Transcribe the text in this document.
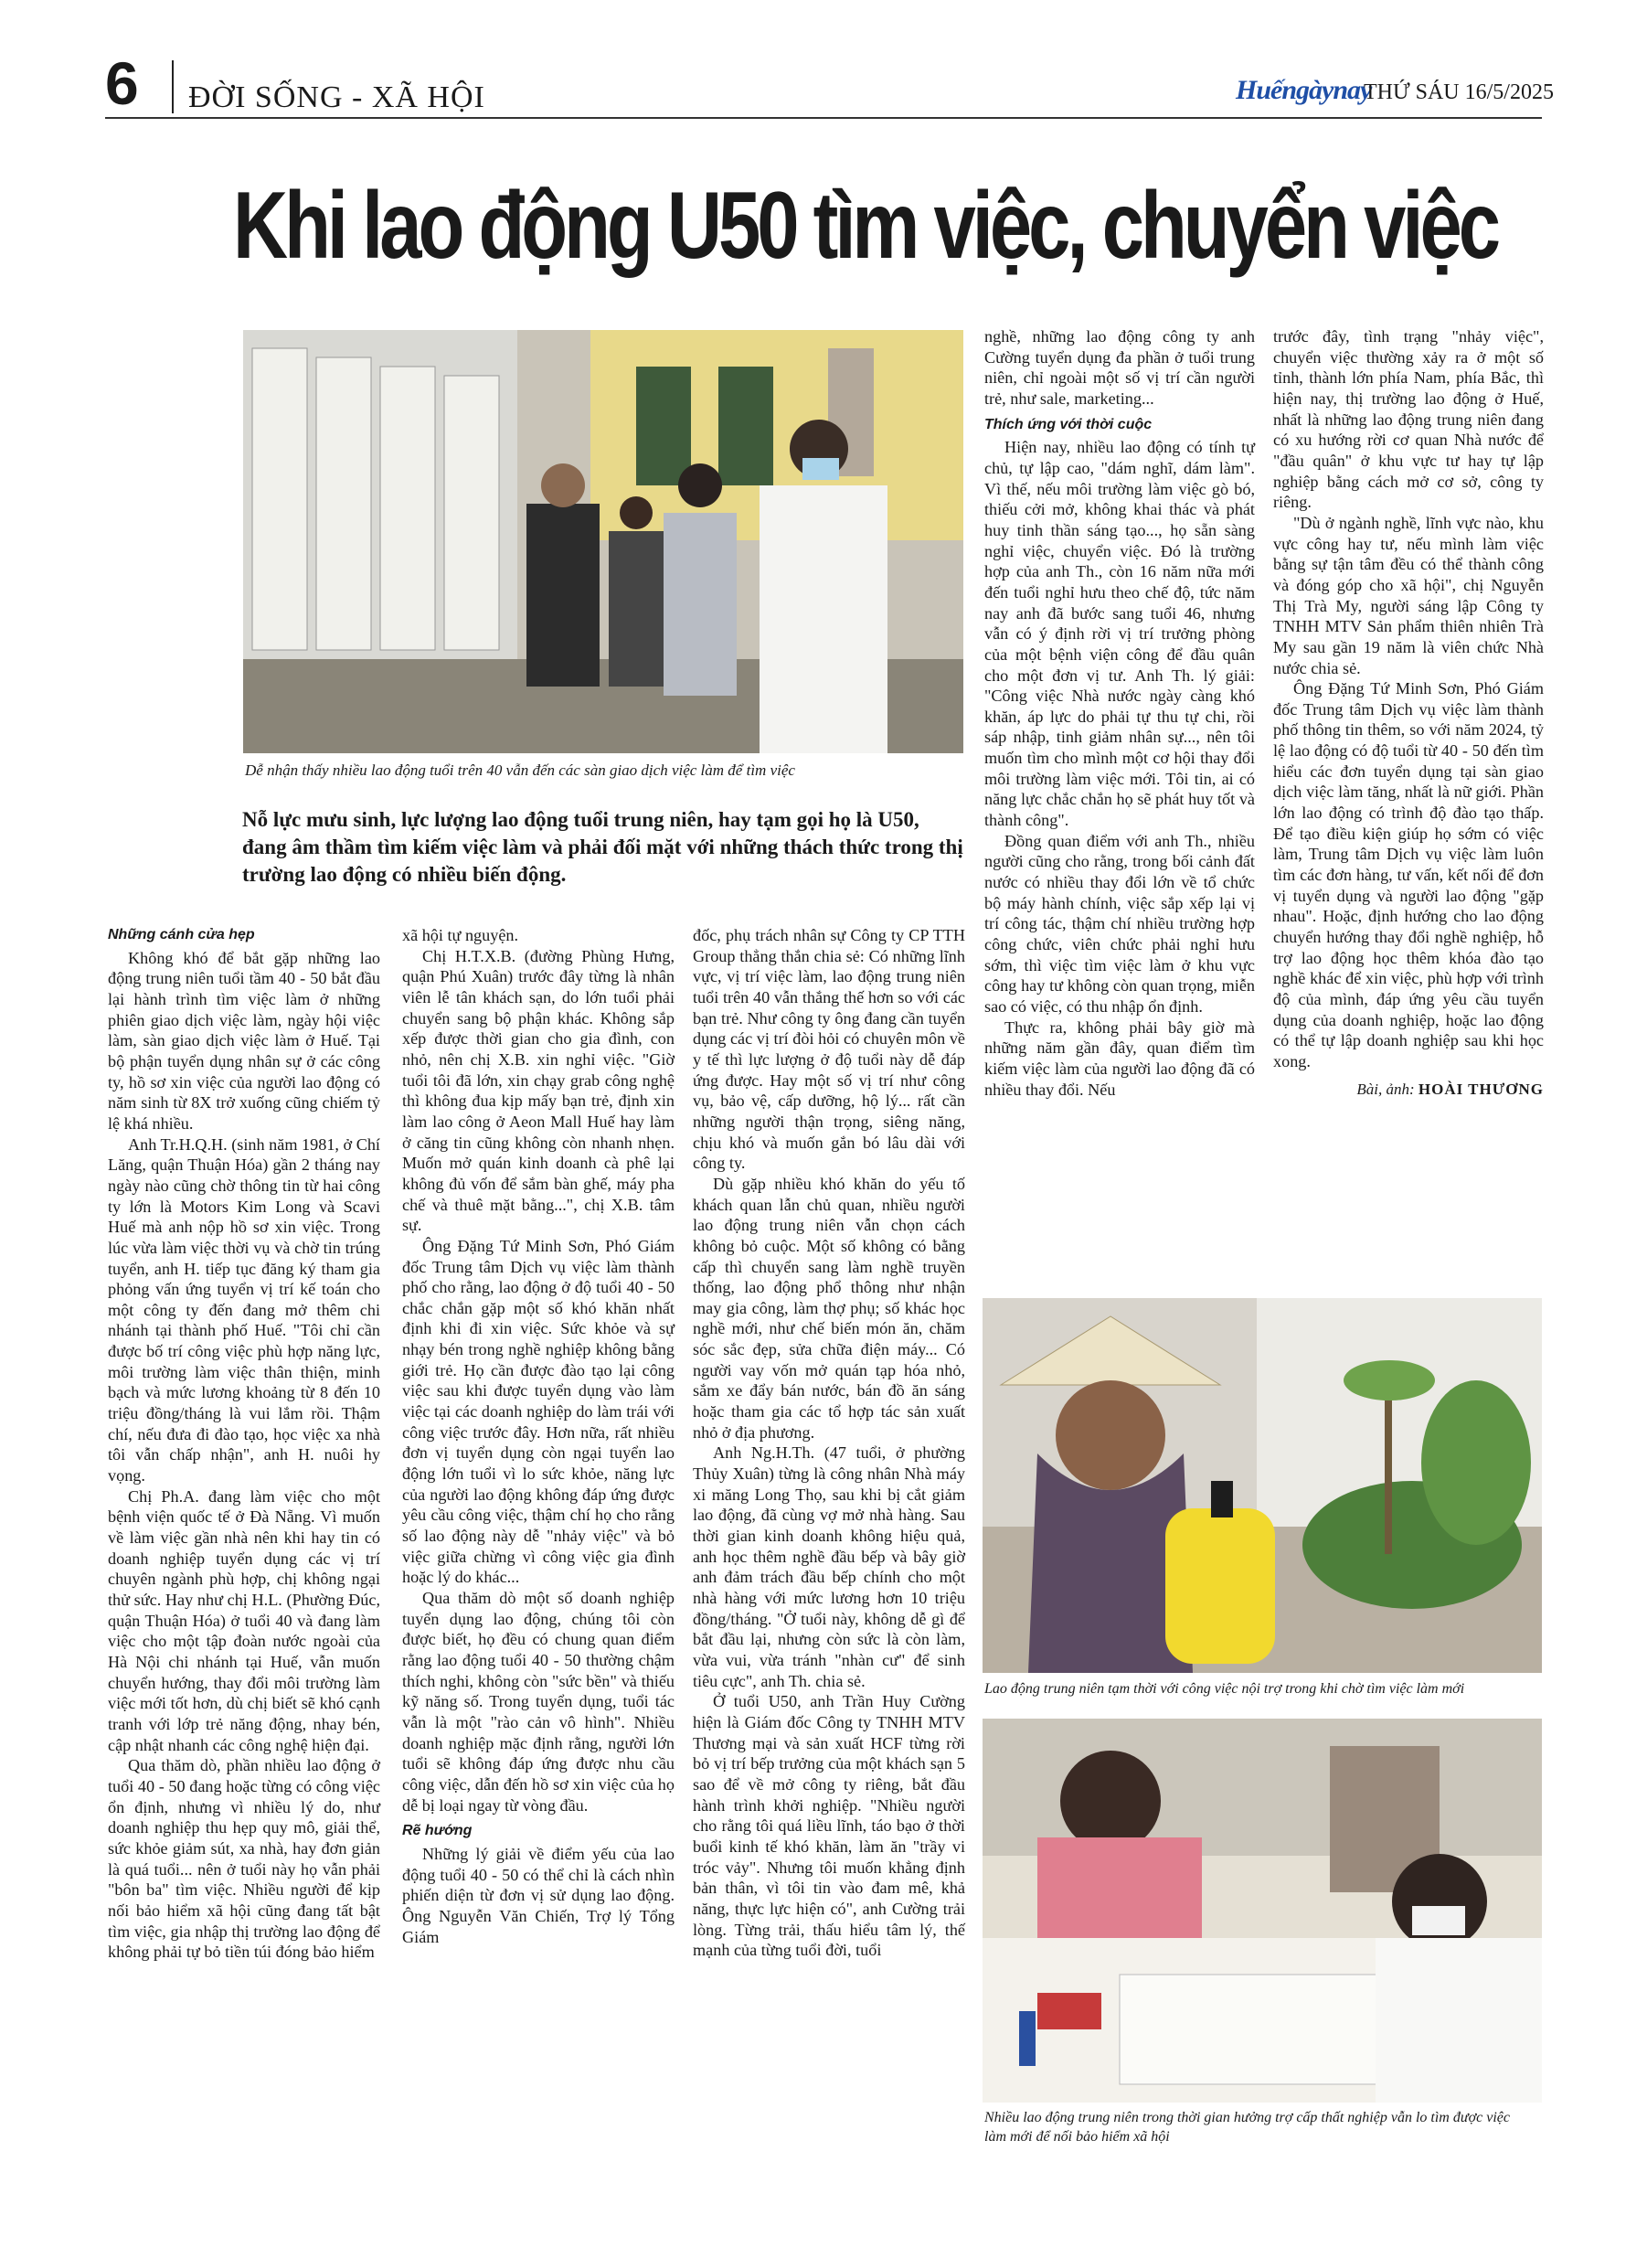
6 ĐỜI SỐNG - XÃ HỘI	Huếngàynay
THỨ SÁU 16/5/2025
Khi lao động U50 tìm việc, chuyển việc
Dễ nhận thấy nhiều lao động tuổi trên 40 vẫn đến các sàn giao dịch việc làm để tìm việc
Nỗ lực mưu sinh, lực lượng lao động tuổi trung niên, hay tạm gọi họ là U50, đang âm thầm tìm kiếm việc làm và phải đối mặt với những thách thức trong thị trường lao động có nhiều biến động.
Những cánh cửa hẹp

Không khó để bắt gặp những lao động trung niên tuổi tầm 40 - 50 bắt đầu lại hành trình tìm việc làm ở những phiên giao dịch việc làm, ngày hội việc làm, sàn giao dịch việc làm ở Huế. Tại bộ phận tuyển dụng nhân sự ở các công ty, hồ sơ xin việc của người lao động có năm sinh từ 8X trở xuống cũng chiếm tỷ lệ khá nhiều.

Anh Tr.H.Q.H. (sinh năm 1981, ở Chí Lăng, quận Thuận Hóa) gần 2 tháng nay ngày nào cũng chờ thông tin từ hai công ty lớn là Motors Kim Long và Scavi Huế mà anh nộp hồ sơ xin việc. Trong lúc vừa làm việc thời vụ và chờ tin trúng tuyển, anh H. tiếp tục đăng ký tham gia phỏng vấn ứng tuyển vị trí kế toán cho một công ty đến đang mở thêm chi nhánh tại thành phố Huế. "Tôi chỉ cần được bố trí công việc phù hợp năng lực, môi trường làm việc thân thiện, minh bạch và mức lương khoảng từ 8 đến 10 triệu đồng/tháng là vui lắm rồi. Thậm chí, nếu đưa đi đào tạo, học việc xa nhà tôi vẫn chấp nhận", anh H. nuôi hy vọng.

Chị Ph.A. đang làm việc cho một bệnh viện quốc tế ở Đà Nẵng. Vì muốn về làm việc gần nhà nên khi hay tin có doanh nghiệp tuyển dụng các vị trí chuyên ngành phù hợp, chị không ngại thử sức. Hay như chị H.L. (Phường Đúc, quận Thuận Hóa) ở tuổi 40 và đang làm việc cho một tập đoàn nước ngoài của Hà Nội chi nhánh tại Huế, vẫn muốn chuyển hướng, thay đổi môi trường làm việc mới tốt hơn, dù chị biết sẽ khó cạnh tranh với lớp trẻ năng động, nhay bén, cập nhật nhanh các công nghệ hiện đại.

Qua thăm dò, phần nhiều lao động ở tuổi 40 - 50 đang hoặc từng có công việc ổn định, nhưng vì nhiều lý do, như doanh nghiệp thu hẹp quy mô, giải thể, sức khỏe giảm sút, xa nhà, hay đơn giản là quá tuổi... nên ở tuổi này họ vẫn phải "bôn ba" tìm việc. Nhiều người để kịp nối bảo hiểm xã hội cũng đang tất bật tìm việc, gia nhập thị trường lao động để không phải tự bỏ tiền túi đóng bảo hiểm

xã hội tự nguyện.

Chị H.T.X.B. (đường Phùng Hưng, quận Phú Xuân) trước đây từng là nhân viên lễ tân khách sạn, do lớn tuổi phải chuyển sang bộ phận khác. Không sắp xếp được thời gian cho gia đình, con nhỏ, nên chị X.B. xin nghỉ việc. "Giờ tuổi tôi đã lớn, xin chạy grab công nghệ thì không đua kịp mấy bạn trẻ, định xin làm lao công ở Aeon Mall Huế hay làm ở căng tin cũng không còn nhanh nhẹn. Muốn mở quán kinh doanh cà phê lại không đủ vốn để sắm bàn ghế, máy pha chế và thuê mặt bằng...", chị X.B. tâm sự.

Ông Đặng Tứ Minh Sơn, Phó Giám đốc Trung tâm Dịch vụ việc làm thành phố cho rằng, lao động ở độ tuổi 40 - 50 chắc chắn gặp một số khó khăn nhất định khi đi xin việc. Sức khỏe và sự nhạy bén trong nghề nghiệp không bằng giới trẻ. Họ cần được đào tạo lại công việc sau khi được tuyển dụng vào làm việc tại các doanh nghiệp do làm trái với công việc trước đây. Hơn nữa, rất nhiều đơn vị tuyển dụng còn ngại tuyển lao động lớn tuổi vì lo sức khỏe, năng lực của người lao động không đáp ứng được yêu cầu công việc, thậm chí họ cho rằng số lao động này dễ "nhảy việc" và bỏ việc giữa chừng vì công việc gia đình hoặc lý do khác...

Qua thăm dò một số doanh nghiệp tuyển dụng lao động, chúng tôi còn được biết, họ đều có chung quan điểm rằng lao động tuổi 40 - 50 thường chậm thích nghi, không còn "sức bền" và thiếu kỹ năng số. Trong tuyển dụng, tuổi tác vẫn là một "rào cản vô hình". Nhiều doanh nghiệp mặc định rằng, người lớn tuổi sẽ không đáp ứng được nhu cầu công việc, dẫn đến hồ sơ xin việc của họ dễ bị loại ngay từ vòng đầu.

Rẽ hướng

Những lý giải về điểm yếu của lao động tuổi 40 - 50 có thể chỉ là cách nhìn phiến diện từ đơn vị sử dụng lao động. Ông Nguyễn Văn Chiến, Trợ lý Tổng Giám

đốc, phụ trách nhân sự Công ty CP TTH Group thẳng thắn chia sẻ: Có những lĩnh vực, vị trí việc làm, lao động trung niên tuổi trên 40 vẫn thắng thế hơn so với các bạn trẻ. Như công ty ông đang cần tuyển dụng các vị trí đòi hỏi có chuyên môn về y tế thì lực lượng ở độ tuổi này dễ đáp ứng được. Hay một số vị trí như công vụ, bảo vệ, cấp dưỡng, hộ lý... rất cần những người thận trọng, siêng năng, chịu khó và muốn gắn bó lâu dài với công ty.

Dù gặp nhiều khó khăn do yếu tố khách quan lẫn chủ quan, nhiều người lao động trung niên vẫn chọn cách không bỏ cuộc. Một số không có bằng cấp thì chuyển sang làm nghề truyền thống, lao động phổ thông như nhận may gia công, làm thợ phụ; số khác học nghề mới, như chế biến món ăn, chăm sóc sắc đẹp, sửa chữa điện máy... Có người vay vốn mở quán tạp hóa nhỏ, sắm xe đẩy bán nước, bán đồ ăn sáng hoặc tham gia các tổ hợp tác sản xuất nhỏ ở địa phương.

Anh Ng.H.Th. (47 tuổi, ở phường Thủy Xuân) từng là công nhân Nhà máy xi măng Long Thọ, sau khi bị cắt giảm lao động, đã cùng vợ mở nhà hàng. Sau thời gian kinh doanh không hiệu quả, anh học thêm nghề đầu bếp và bây giờ anh đảm trách đầu bếp chính cho một nhà hàng với mức lương hơn 10 triệu đồng/tháng. "Ở tuổi này, không dễ gì để bắt đầu lại, nhưng còn sức là còn làm, vừa vui, vừa tránh "nhàn cư" để sinh tiêu cực", anh Th. chia sẻ.

Ở tuổi U50, anh Trần Huy Cường hiện là Giám đốc Công ty TNHH MTV Thương mại và sản xuất HCF từng rời bỏ vị trí bếp trưởng của một khách sạn 5 sao để về mở công ty riêng, bắt đầu hành trình khởi nghiệp. "Nhiều người cho rằng tôi quá liều lĩnh, táo bạo ở thời buổi kinh tế khó khăn, làm ăn "trầy vi tróc vảy". Nhưng tôi muốn khẳng định bản thân, vì tôi tin vào đam mê, khả năng, thực lực hiện có", anh Cường trải lòng. Từng trải, thấu hiểu tâm lý, thế mạnh của từng tuổi đời, tuổi

nghề, những lao động công ty anh Cường tuyển dụng đa phần ở tuổi trung niên, chỉ ngoài một số vị trí cần người trẻ, như sale, marketing...

Thích ứng với thời cuộc

Hiện nay, nhiều lao động có tính tự chủ, tự lập cao, "dám nghĩ, dám làm". Vì thế, nếu môi trường làm việc gò bó, thiếu cởi mở, không khai thác và phát huy tinh thần sáng tạo..., họ sẵn sàng nghỉ việc, chuyển việc. Đó là trường hợp của anh Th., còn 16 năm nữa mới đến tuổi nghỉ hưu theo chế độ, tức năm nay anh đã bước sang tuổi 46, nhưng vẫn có ý định rời vị trí trưởng phòng của một bệnh viện công để đầu quân cho một đơn vị tư. Anh Th. lý giải: "Công việc Nhà nước ngày càng khó khăn, áp lực do phải tự thu tự chi, rồi sáp nhập, tinh giảm nhân sự..., nên tôi muốn tìm cho mình một cơ hội thay đổi môi trường làm việc mới. Tôi tin, ai có năng lực chắc chắn họ sẽ phát huy tốt và thành công".

Đồng quan điểm với anh Th., nhiều người cũng cho rằng, trong bối cảnh đất nước có nhiều thay đổi lớn về tổ chức bộ máy hành chính, việc sắp xếp lại vị trí công tác, thậm chí nhiều trường hợp công chức, viên chức phải nghỉ hưu sớm, thì việc tìm việc làm ở khu vực công hay tư không còn quan trọng, miễn sao có việc, có thu nhập ổn định.

Thực ra, không phải bây giờ mà những năm gần đây, quan điểm tìm kiếm việc làm của người lao động đã có nhiều thay đổi. Nếu

trước đây, tình trạng "nhảy việc", chuyển việc thường xảy ra ở một số tỉnh, thành lớn phía Nam, phía Bắc, thì hiện nay, thị trường lao động ở Huế, nhất là những lao động trung niên đang có xu hướng rời cơ quan Nhà nước để "đầu quân" ở khu vực tư hay tự lập nghiệp bằng cách mở cơ sở, công ty riêng.

"Dù ở ngành nghề, lĩnh vực nào, khu vực công hay tư, nếu mình làm việc bằng sự tận tâm đều có thể thành công và đóng góp cho xã hội", chị Nguyễn Thị Trà My, người sáng lập Công ty TNHH MTV Sản phẩm thiên nhiên Trà My sau gần 19 năm là viên chức Nhà nước chia sẻ.

Ông Đặng Tứ Minh Sơn, Phó Giám đốc Trung tâm Dịch vụ việc làm thành phố thông tin thêm, so với năm 2024, tỷ lệ lao động có độ tuổi từ 40 - 50 đến tìm hiểu các đơn tuyển dụng tại sàn giao dịch việc làm tăng, nhất là nữ giới. Phần lớn lao động có trình độ đào tạo thấp. Để tạo điều kiện giúp họ sớm có việc làm, Trung tâm Dịch vụ việc làm luôn tìm các đơn hàng, tư vấn, kết nối để đơn vị tuyển dụng và người lao động "gặp nhau". Hoặc, định hướng cho lao động chuyển hướng thay đổi nghề nghiệp, hỗ trợ lao động học thêm khóa đào tạo nghề khác để xin việc, phù hợp với trình độ của mình, đáp ứng yêu cầu tuyển dụng của doanh nghiệp, hoặc lao động có thể tự lập doanh nghiệp sau khi học xong.

Bài, ảnh: HOÀI THƯƠNG

Lao động trung niên tạm thời với công việc nội trợ trong khi chờ tìm việc làm mới
Nhiều lao động trung niên trong thời gian hưởng trợ cấp thất nghiệp vẫn lo tìm được việc làm mới để nối bảo hiểm xã hội
